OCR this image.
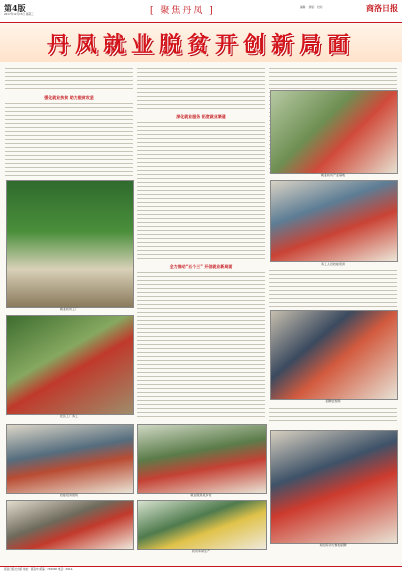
第4版
2017年12月13日 星期三	[ 聚焦丹凤 ]	商洛日报
编辑： 排版： 校对：
丹凤就业脱贫开创新局面
强化就业扶贫 助力脱贫攻坚
深化就业服务 拓宽就业渠道
就业扶贫产业基地
务工人员技能培训
就业扶贫工厂
社区工厂务工
全力推动“五个三” 开创就业新局面
招聘会现场
技能培训现场	就业服务进乡村
贫困劳动力参加招聘
扶贫车间生产
商洛日报社出版 地址：商洛市 邮编：726000 电话：0914-
